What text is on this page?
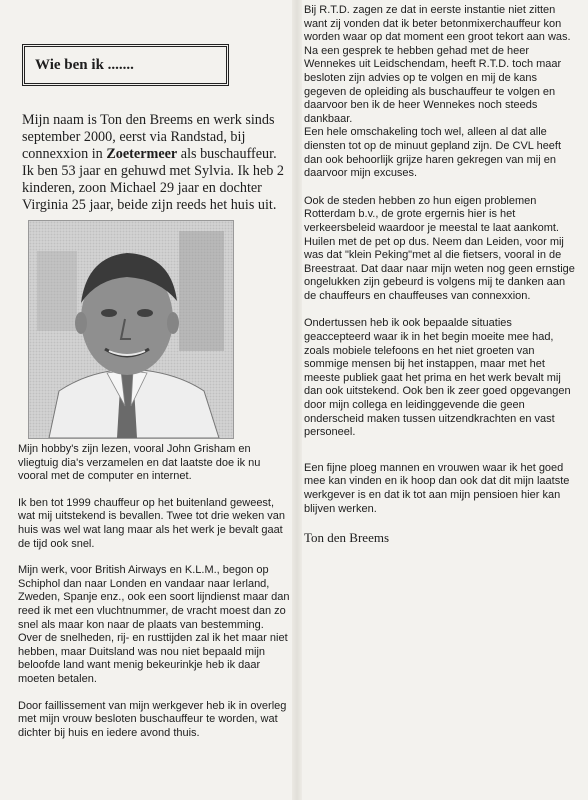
Wie ben ik .......
Mijn naam is Ton den Breems en werk sinds september 2000, eerst via Randstad, bij connexxion in Zoetermeer als buschauffeur. Ik ben 53 jaar en gehuwd met Sylvia. Ik heb 2 kinderen, zoon Michael 29 jaar en dochter Virginia 25 jaar, beide zijn reeds het huis uit.

Mijn hobby's zijn lezen, vooral John Grisham en vliegtuig dia's verzamelen en dat laatste doe ik nu vooral met de computer en internet.

Ik ben tot 1999 chauffeur op het buitenland geweest, wat mij uitstekend is bevallen. Twee tot drie weken van huis was wel wat lang maar als het werk je bevalt gaat de tijd ook snel.

Mijn werk, voor British Airways en K.L.M., begon op Schiphol dan naar Londen en vandaar naar Ierland, Zweden, Spanje enz., ook een soort lijndienst maar dan reed ik met een vluchtnummer, de vracht moest dan zo snel als maar kon naar de plaats van bestemming. Over de snelheden, rij- en rusttijden zal ik het maar niet hebben, maar Duitsland was nou niet bepaald mijn beloofde land want menig bekeurinkje heb ik daar moeten betalen.

Door faillissement van mijn werkgever heb ik in overleg met mijn vrouw besloten buschauffeur te worden, wat dichter bij huis en iedere avond thuis.

Bij R.T.D. zagen ze dat in eerste instantie niet zitten want zij vonden dat ik beter betonmixerchauffeur kon worden waar op dat moment een groot tekort aan was.
Na een gesprek te hebben gehad met de heer Wennekes uit Leidschendam, heeft R.T.D. toch maar besloten zijn advies op te volgen en mij de kans gegeven de opleiding als buschauffeur te volgen en daarvoor ben ik de heer Wennekes noch steeds dankbaar.
Een hele omschakeling toch wel, alleen al dat alle diensten tot op de minuut gepland zijn. De CVL heeft dan ook behoorlijk grijze haren gekregen van mij en daarvoor mijn excuses.

Ook de steden hebben zo hun eigen problemen Rotterdam b.v., de grote ergernis hier is het verkeersbeleid waardoor je meestal te laat aankomt. Huilen met de pet op dus. Neem dan Leiden, voor mij was dat "klein Peking"met al die fietsers, vooral in de Breestraat. Dat daar naar mijn weten nog geen ernstige ongelukken zijn gebeurd is volgens mij te danken aan de chauffeurs en chauffeuses van connexxion.

Ondertussen heb ik ook bepaalde situaties geaccepteerd waar ik in het begin moeite mee had, zoals mobiele telefoons en het niet groeten van sommige mensen bij het instappen, maar met het meeste publiek gaat het prima en het werk bevalt mij dan ook uitstekend. Ook ben ik zeer goed opgevangen door mijn collega en leidinggevende die geen onderscheid maken tussen uitzendkrachten en vast personeel.

Een fijne ploeg mannen en vrouwen waar ik het goed mee kan vinden en ik hoop dan ook dat dit mijn laatste werkgever is en dat ik tot aan mijn pensioen hier kan blijven werken.

Ton den Breems
